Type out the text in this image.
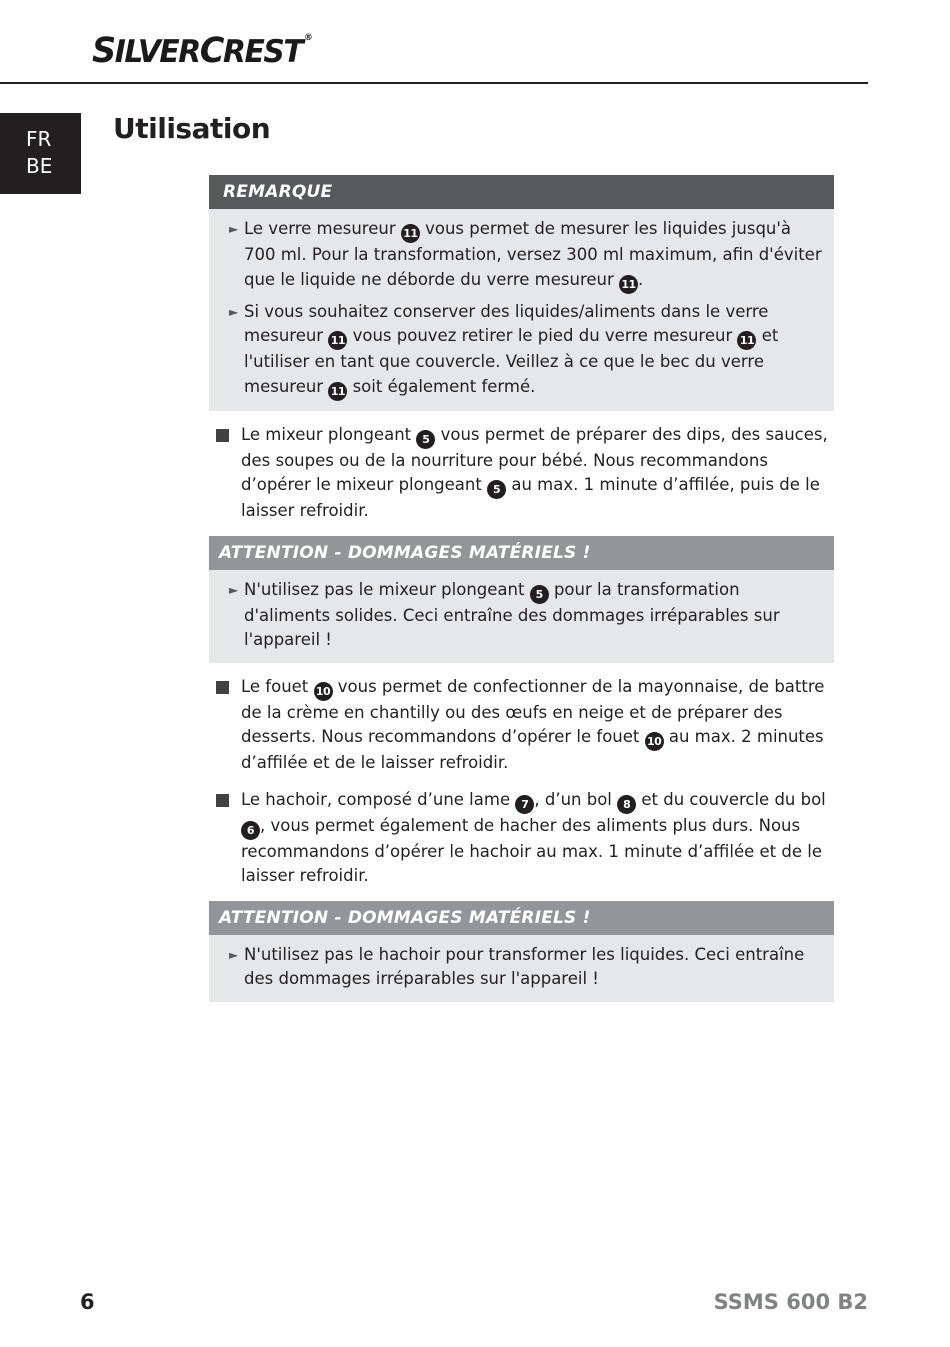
SILVERCREST ®
FR
BE
Utilisation
REMARQUE
► Le verre mesureur 11 vous permet de mesurer les liquides jusqu'à 700 ml. Pour la transformation, versez 300 ml maximum, afin d'éviter que le liquide ne déborde du verre mesureur 11 .
► Si vous souhaitez conserver des liquides/aliments dans le verre mesureur 11 vous pouvez retirer le pied du verre mesureur 11 et l'utiliser en tant que couvercle. Veillez à ce que le bec du verre mesureur 11 soit également fermé.
Le mixeur plongeant 5 vous permet de préparer des dips, des sauces, des soupes ou de la nourriture pour bébé. Nous recommandons d’opérer le mixeur plongeant 5 au max. 1 minute d’affilée, puis de le laisser refroidir.
ATTENTION - DOMMAGES MATÉRIELS !
► N'utilisez pas le mixeur plongeant 5 pour la transformation d'aliments solides. Ceci entraîne des dommages irréparables sur l'appareil !
Le fouet 10 vous permet de confectionner de la mayonnaise, de battre de la crème en chantilly ou des œufs en neige et de préparer des desserts. Nous recommandons d’opérer le fouet 10 au max. 2 minutes d’affilée et de le laisser refroidir.
Le hachoir, composé d’une lame 7 , d’un bol 8 et du couvercle du bol 6 , vous permet également de hacher des aliments plus durs. Nous recommandons d’opérer le hachoir au max. 1 minute d’affilée et de le laisser refroidir.
ATTENTION - DOMMAGES MATÉRIELS !
► N'utilisez pas le hachoir pour transformer les liquides. Ceci entraîne des dommages irréparables sur l'appareil !
6	SSMS 600 B2
